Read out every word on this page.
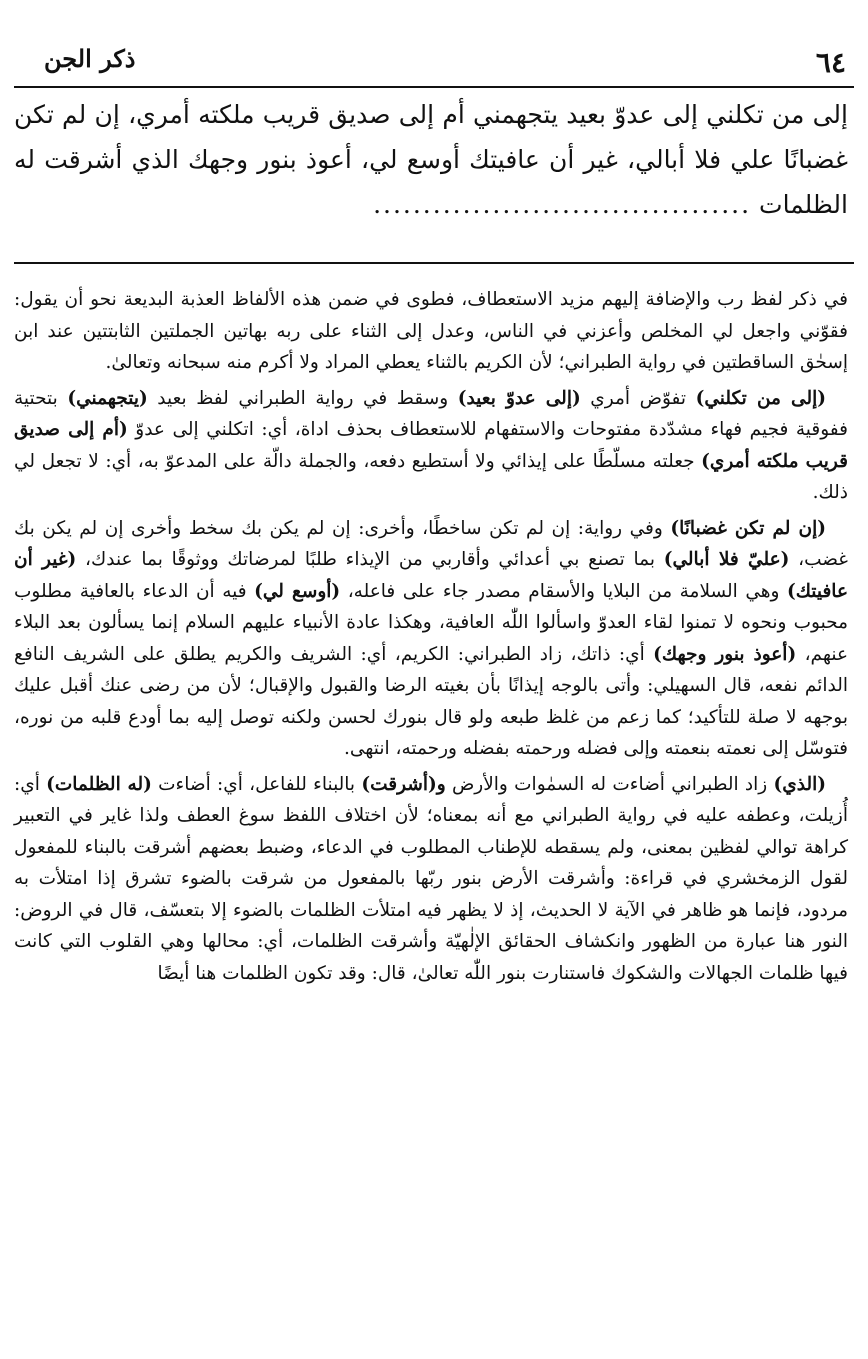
٦٤
ذكر الجن
إلى من تكلني إلى عدوّ بعيد يتجهمني أم إلى صديق قريب ملكته أمري، إن لم تكن غضبانًا علي فلا أبالي، غير أن عافيتك أوسع لي، أعوذ بنور وجهك الذي أشرقت له الظلمات......................................

في ذكر لفظ رب والإضافة إليهم مزيد الاستعطاف، فطوى في ضمن هذه الألفاظ العذبة البديعة نحو أن يقول: فقوّني واجعل لي المخلص وأعزني في الناس، وعدل إلى الثناء على ربه بهاتين الجملتين الثابتتين عند ابن إسحٰق الساقطتين في رواية الطبراني؛ لأن الكريم بالثناء يعطي المراد ولا أكرم منه سبحانه وتعالىٰ.

(إلى من تكلني) تفوّض أمري (إلى عدوّ بعيد) وسقط في رواية الطبراني لفظ بعيد (يتجهمني) بتحتية ففوقية فجيم فهاء مشدّدة مفتوحات والاستفهام للاستعطاف بحذف اداة، أي: اتكلني إلى عدوّ (أم إلى صديق قريب ملكته أمري) جعلته مسلّطًا على إيذائي ولا أستطيع دفعه، والجملة دالّة على المدعوّ به، أي: لا تجعل لي ذلك.

(إن لم تكن غضبانًا) وفي رواية: إن لم تكن ساخطًا، وأخرى: إن لم يكن بك سخط وأخرى إن لم يكن بك غضب، (عليّ فلا أبالي) بما تصنع بي أعدائي وأقاربي من الإيذاء طلبًا لمرضاتك ووثوقًا بما عندك، (غير أن عافيتك) وهي السلامة من البلايا والأسقام مصدر جاء على فاعله، (أوسع لي) فيه أن الدعاء بالعافية مطلوب محبوب ونحوه لا تمنوا لقاء العدوّ واسألوا اللّٰه العافية، وهكذا عادة الأنبياء عليهم السلام إنما يسألون بعد البلاء عنهم، (أعوذ بنور وجهك) أي: ذاتك، زاد الطبراني: الكريم، أي: الشريف والكريم يطلق على الشريف النافع الدائم نفعه، قال السهيلي: وأتى بالوجه إيذانًا بأن بغيته الرضا والقبول والإقبال؛ لأن من رضى عنك أقبل عليك بوجهه لا صلة للتأكيد؛ كما زعم من غلظ طبعه ولو قال بنورك لحسن ولكنه توصل إليه بما أودع قلبه من نوره، فتوسّل إلى نعمته بنعمته وإلى فضله ورحمته بفضله ورحمته، انتهى.

(الذي) زاد الطبراني أضاءت له السمٰوات والأرض و(أشرقت) بالبناء للفاعل، أي: أضاءت (له الظلمات) أي: أُزيلت، وعطفه عليه في رواية الطبراني مع أنه بمعناه؛ لأن اختلاف اللفظ سوغ العطف ولذا غاير في التعبير كراهة توالي لفظين بمعنى، ولم يسقطه للإطناب المطلوب في الدعاء، وضبط بعضهم أشرقت بالبناء للمفعول لقول الزمخشري في قراءة: وأشرقت الأرض بنور ربّها بالمفعول من شرقت بالضوء تشرق إذا امتلأت به مردود، فإنما هو ظاهر في الآية لا الحديث، إذ لا يظهر فيه امتلأت الظلمات بالضوء إلا بتعسّف، قال في الروض: النور هنا عبارة من الظهور وانكشاف الحقائق الإلٰهيّة وأشرقت الظلمات، أي: محالها وهي القلوب التي كانت فيها ظلمات الجهالات والشكوك فاستنارت بنور اللّٰه تعالىٰ، قال: وقد تكون الظلمات هنا أيضًا
